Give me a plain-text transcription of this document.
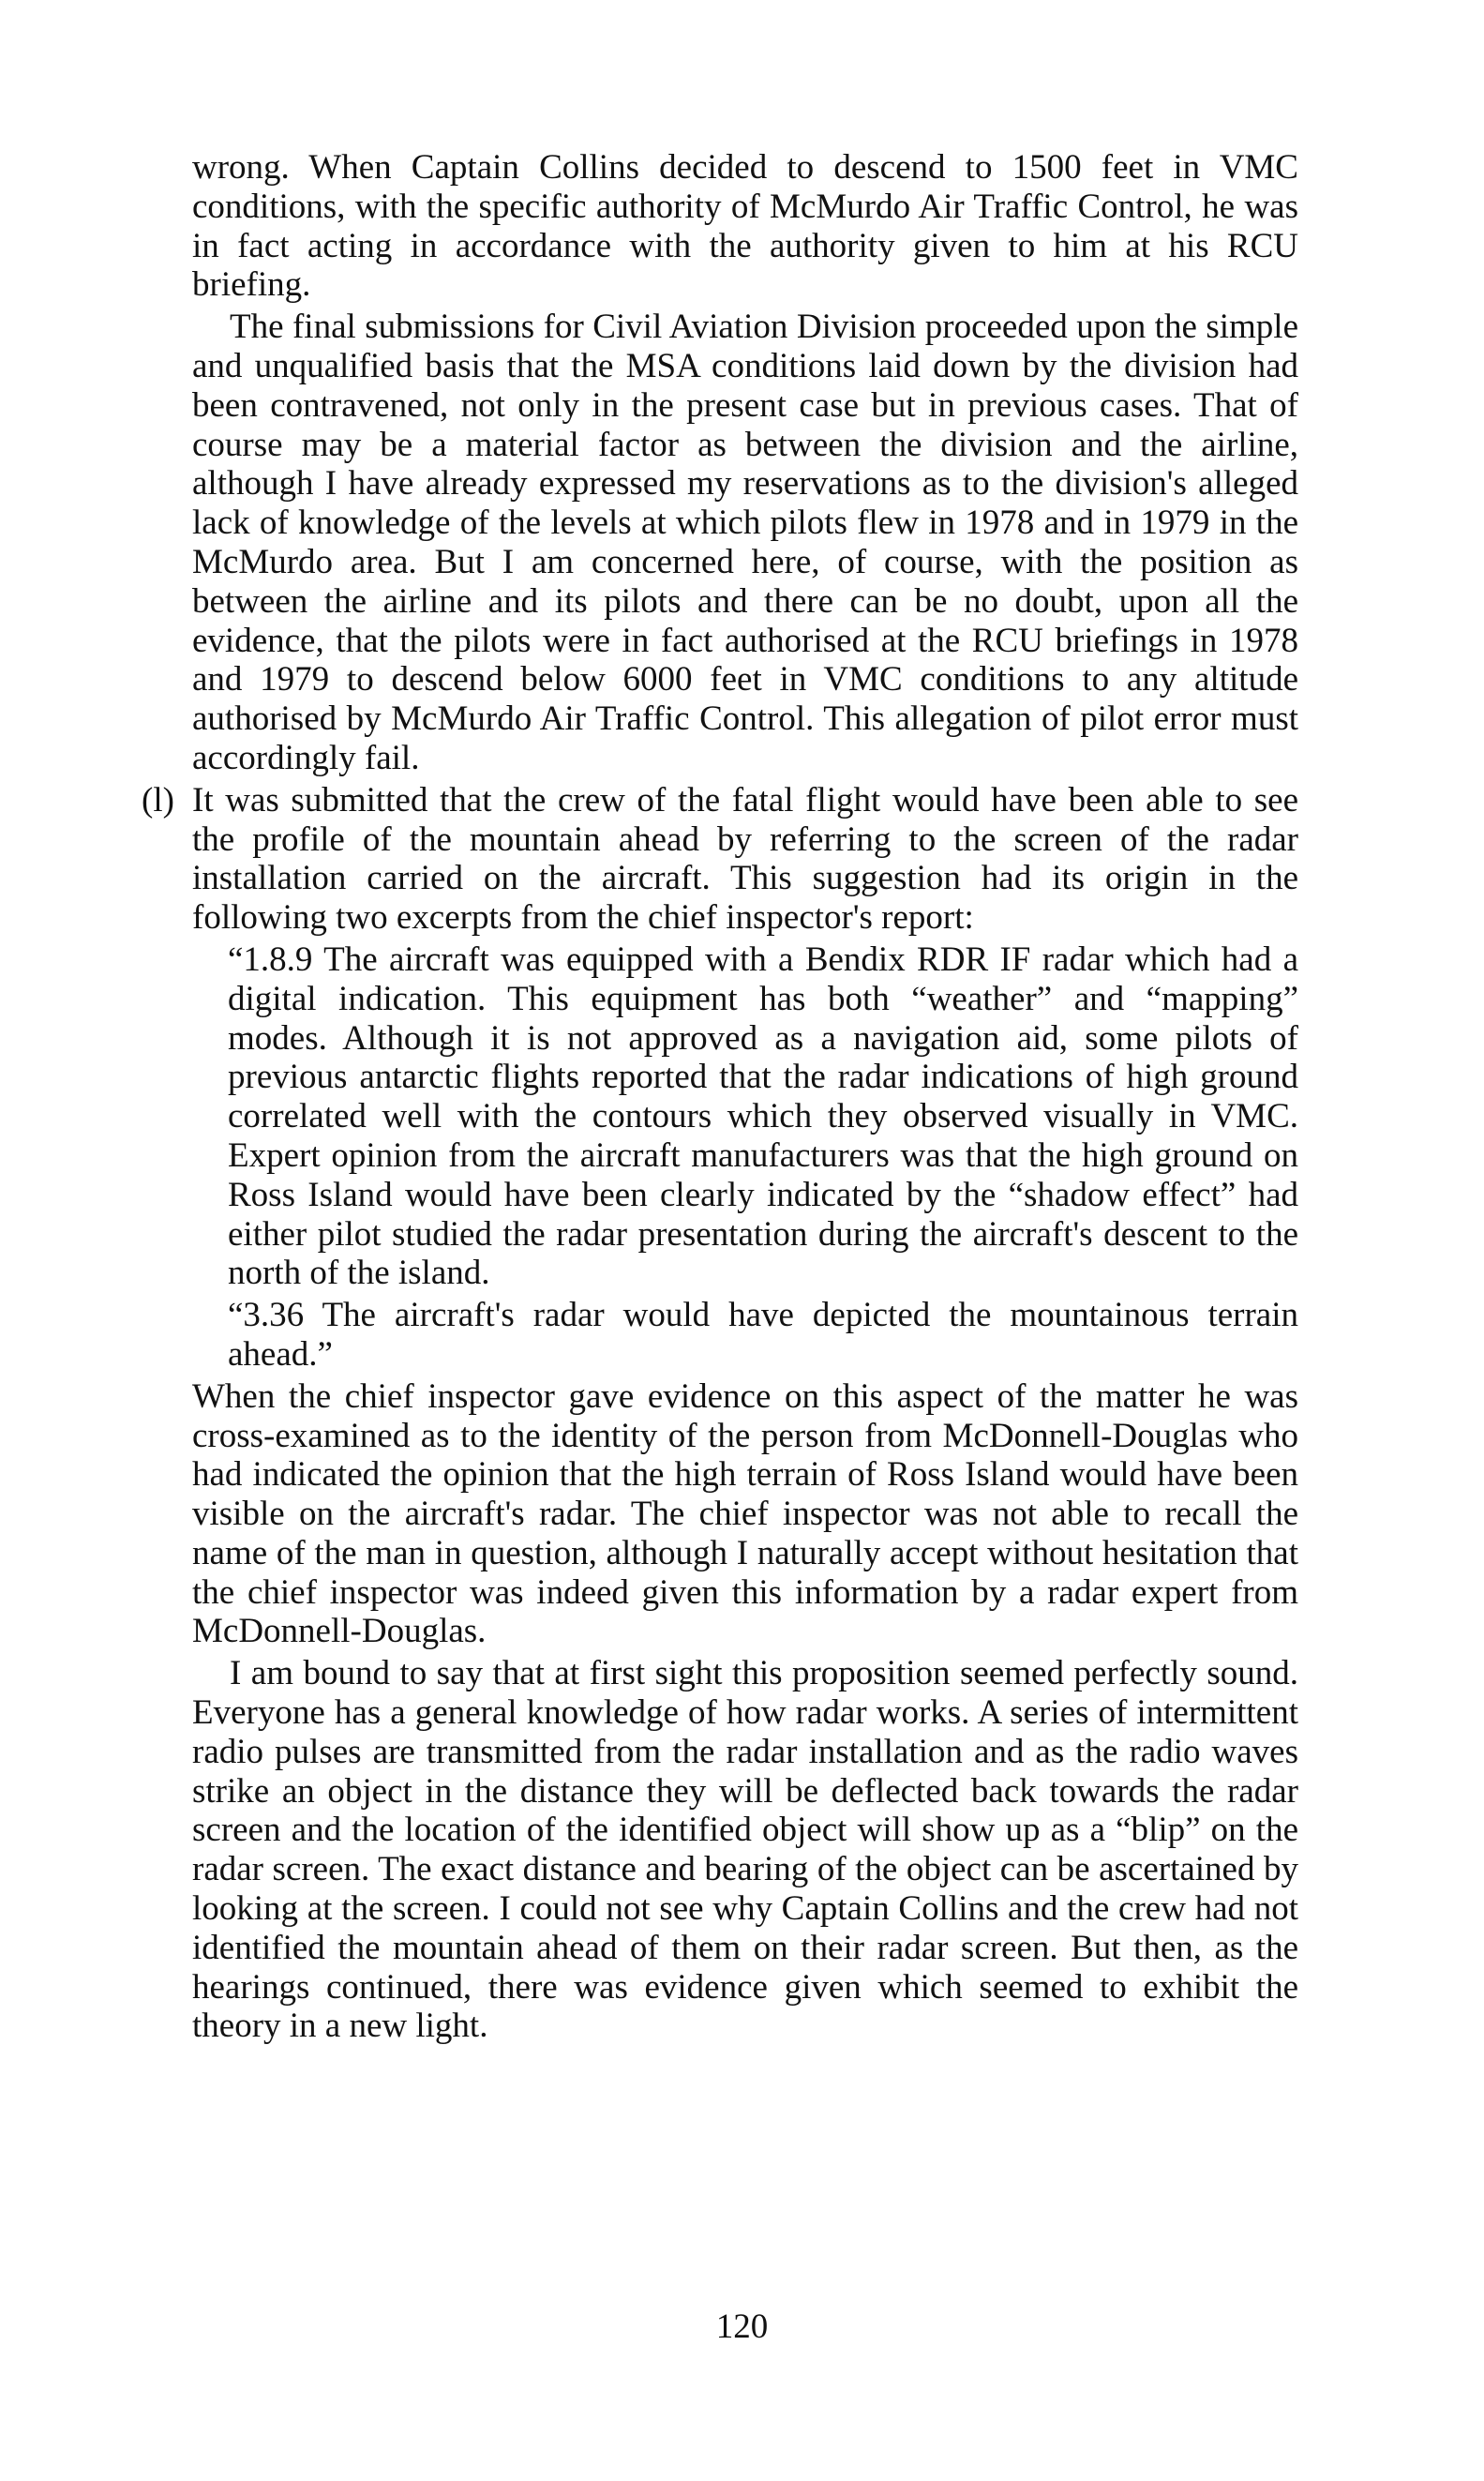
wrong. When Captain Collins decided to descend to 1500 feet in VMC conditions, with the specific authority of McMurdo Air Traffic Control, he was in fact acting in accordance with the authority given to him at his RCU briefing.

The final submissions for Civil Aviation Division proceeded upon the simple and unqualified basis that the MSA conditions laid down by the division had been contravened, not only in the present case but in previous cases. That of course may be a material factor as between the division and the airline, although I have already expressed my reservations as to the division's alleged lack of knowledge of the levels at which pilots flew in 1978 and in 1979 in the McMurdo area. But I am concerned here, of course, with the position as between the airline and its pilots and there can be no doubt, upon all the evidence, that the pilots were in fact authorised at the RCU briefings in 1978 and 1979 to descend below 6000 feet in VMC conditions to any altitude authorised by McMurdo Air Traffic Control. This allegation of pilot error must accordingly fail.

(l) It was submitted that the crew of the fatal flight would have been able to see the profile of the mountain ahead by referring to the screen of the radar installation carried on the aircraft. This suggestion had its origin in the following two excerpts from the chief inspector's report:

“1.8.9 The aircraft was equipped with a Bendix RDR IF radar which had a digital indication. This equipment has both “weather” and “mapping” modes. Although it is not approved as a navigation aid, some pilots of previous antarctic flights reported that the radar indications of high ground correlated well with the contours which they observed visually in VMC. Expert opinion from the aircraft manufacturers was that the high ground on Ross Island would have been clearly indicated by the “shadow effect” had either pilot studied the radar presentation during the aircraft's descent to the north of the island.

“3.36 The aircraft's radar would have depicted the mountainous terrain ahead.”

When the chief inspector gave evidence on this aspect of the matter he was cross-examined as to the identity of the person from McDonnell-Douglas who had indicated the opinion that the high terrain of Ross Island would have been visible on the aircraft's radar. The chief inspector was not able to recall the name of the man in question, although I naturally accept without hesitation that the chief inspector was indeed given this information by a radar expert from McDonnell-Douglas.

I am bound to say that at first sight this proposition seemed perfectly sound. Everyone has a general knowledge of how radar works. A series of intermittent radio pulses are transmitted from the radar installation and as the radio waves strike an object in the distance they will be deflected back towards the radar screen and the location of the identified object will show up as a “blip” on the radar screen. The exact distance and bearing of the object can be ascertained by looking at the screen. I could not see why Captain Collins and the crew had not identified the mountain ahead of them on their radar screen. But then, as the hearings continued, there was evidence given which seemed to exhibit the theory in a new light.

120
